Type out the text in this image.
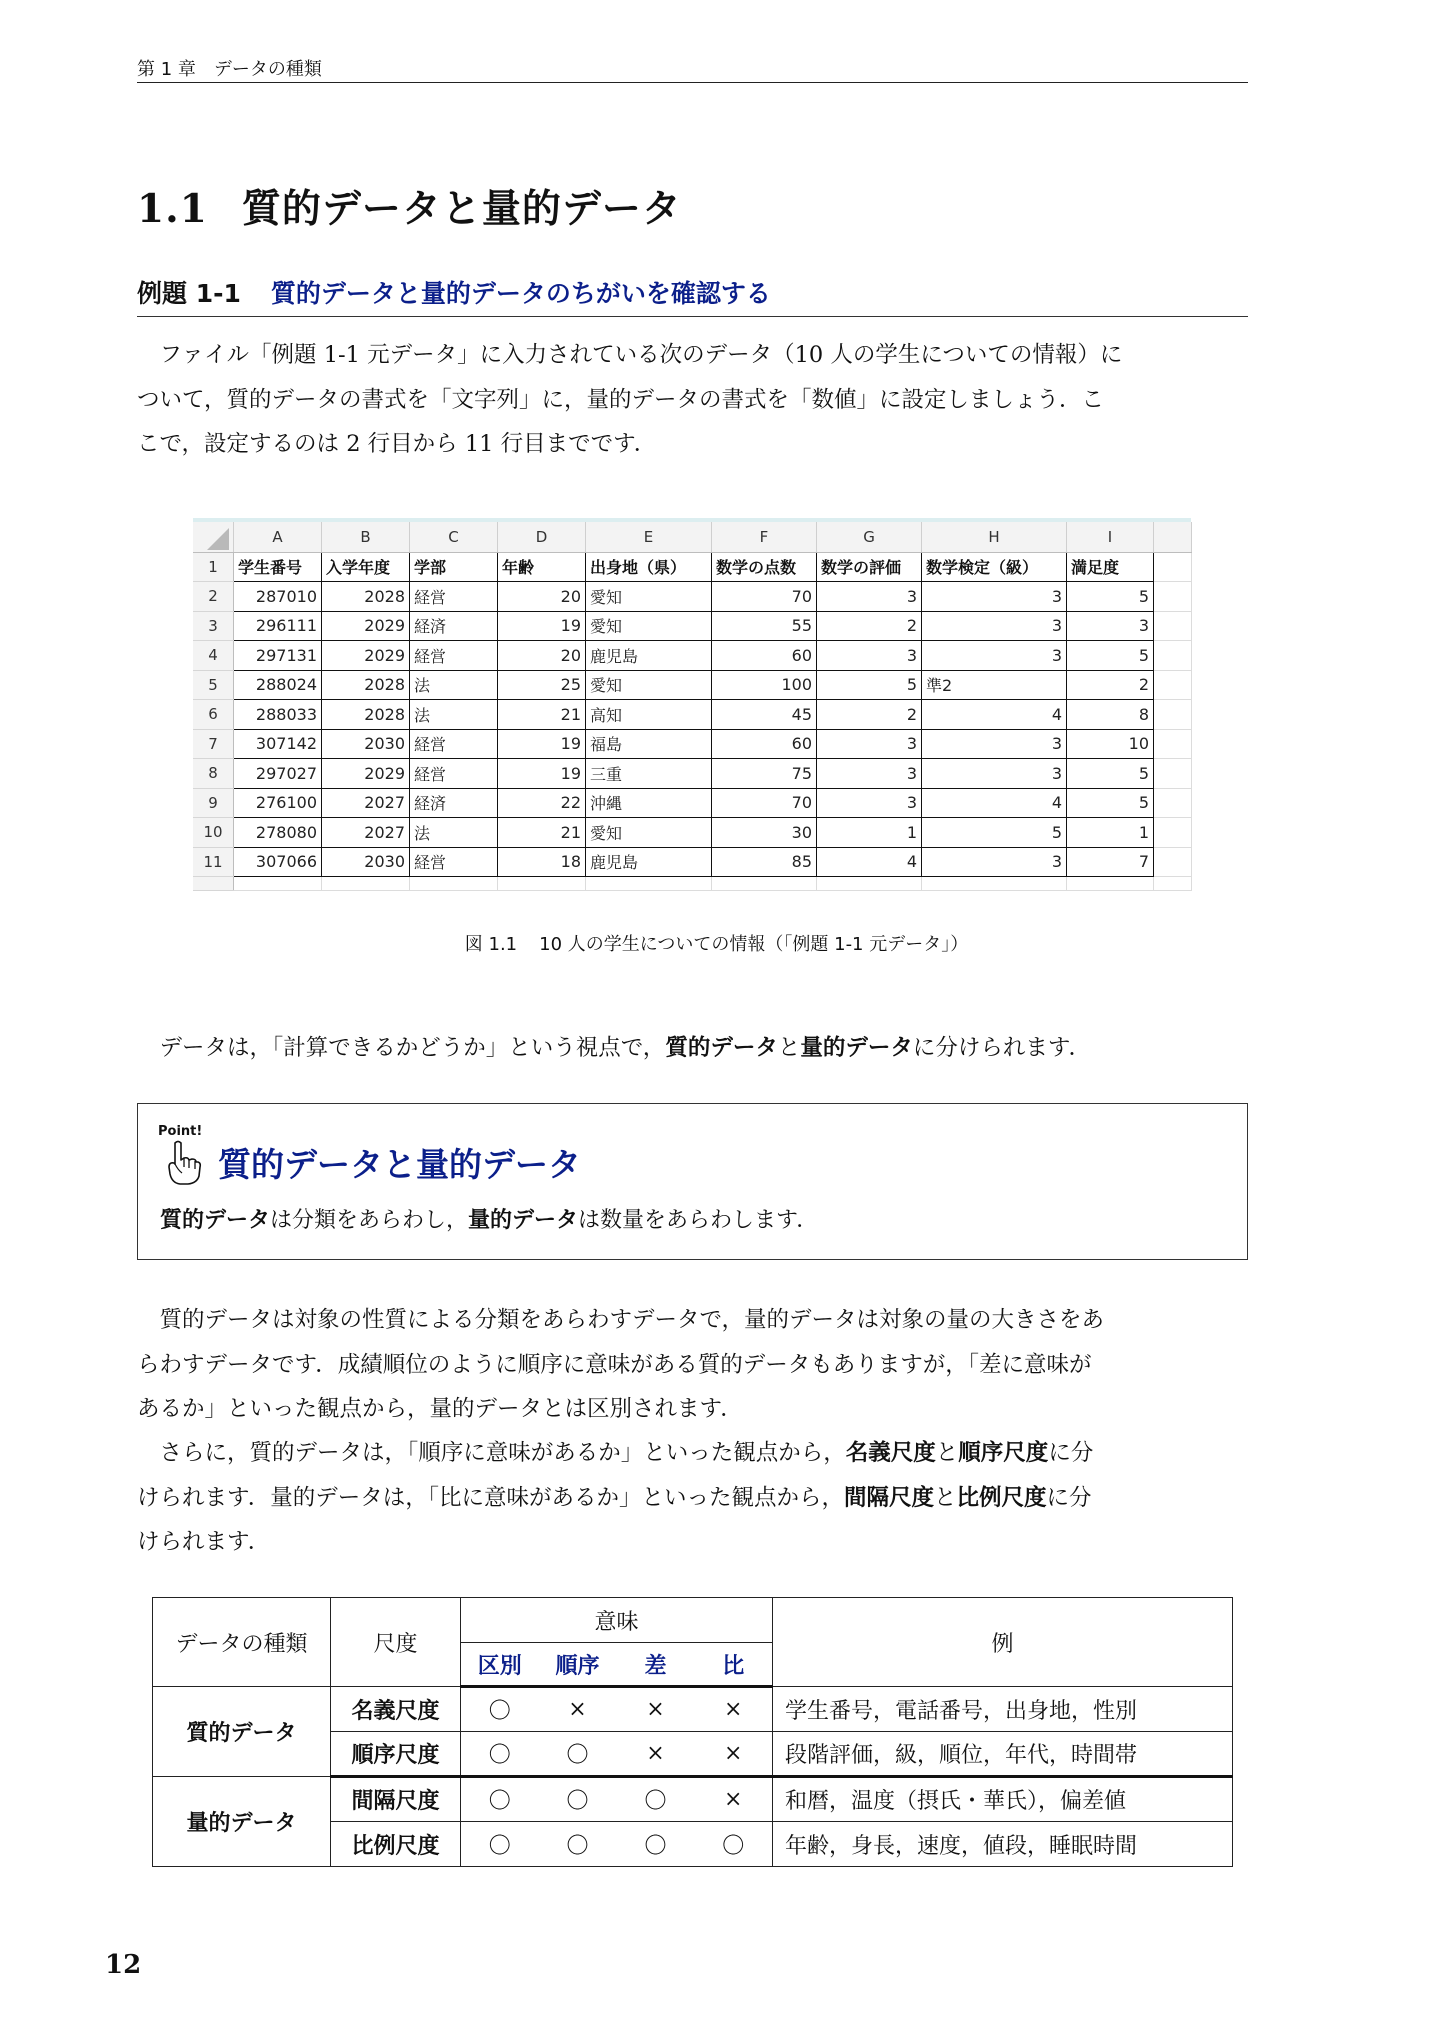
第 1 章　データの種類
1.1 質的データと量的データ
例題 1-1 質的データと量的データのちがいを確認する
　ファイル「例題 1-1 元データ」に入力されている次のデータ（10 人の学生についての情報）に
ついて，質的データの書式を「文字列」に，量的データの書式を「数値」に設定しましょう．こ
こで，設定するのは 2 行目から 11 行目までです．
	A	B	C	D	E	F	G	H	I	
1	学生番号	入学年度	学部	年齢	出身地（県）	数学の点数	数学の評価	数学検定（級）	満足度	
2	287010	2028	経営	20	愛知	70	3	3	5	
3	296111	2029	経済	19	愛知	55	2	3	3	
4	297131	2029	経営	20	鹿児島	60	3	3	5	
5	288024	2028	法	25	愛知	100	5	準2	2	
6	288033	2028	法	21	高知	45	2	4	8	
7	307142	2030	経営	19	福島	60	3	3	10	
8	297027	2029	経営	19	三重	75	3	3	5	
9	276100	2027	経済	22	沖縄	70	3	4	5	
10	278080	2027	法	21	愛知	30	1	5	1	
11	307066	2030	経営	18	鹿児島	85	4	3	7	

図 1.1 10 人の学生についての情報（「例題 1-1 元データ」）
　データは，「計算できるかどうか」という視点で，質的データと量的データに分けられます．
Point!
質的データと量的データ
質的データは分類をあらわし，量的データは数量をあらわします．
　質的データは対象の性質による分類をあらわすデータで，量的データは対象の量の大きさをあ
らわすデータです．成績順位のように順序に意味がある質的データもありますが，「差に意味が
あるか」といった観点から，量的データとは区別されます．
　さらに，質的データは，「順序に意味があるか」といった観点から，名義尺度と順序尺度に分
けられます．量的データは，「比に意味があるか」といった観点から，間隔尺度と比例尺度に分
けられます．
データの種類	尺度	意味				例
		区別	順序	差	比	
質的データ	名義尺度	〇	×	×	×	学生番号，電話番号，出身地，性別
	順序尺度	〇	〇	×	×	段階評価，級，順位，年代，時間帯
量的データ	間隔尺度	〇	〇	〇	×	和暦，温度（摂氏・華氏），偏差値
	比例尺度	〇	〇	〇	〇	年齢，身長，速度，値段，睡眠時間
12
